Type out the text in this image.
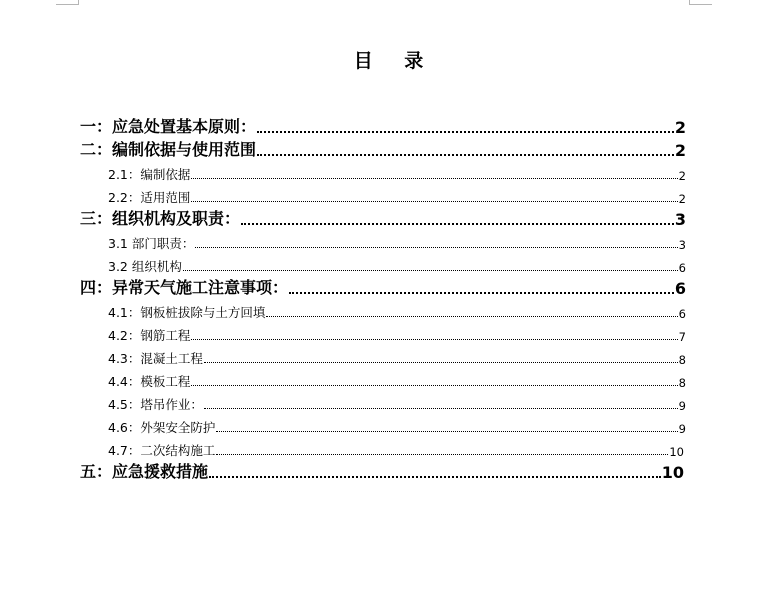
目    录
一：应急处置基本原则：	2
二：编制依据与使用范围	2
2.1：编制依据	2
2.2：适用范围	2
三：组织机构及职责：	3
3.1 部门职责：	3
3.2 组织机构	6
四：异常天气施工注意事项：	6
4.1：钢板桩拔除与土方回填	6
4.2：钢筋工程	7
4.3：混凝土工程	8
4.4：模板工程	8
4.5：塔吊作业：	9
4.6：外架安全防护	9
4.7：二次结构施工	10
五：应急援救措施	10
